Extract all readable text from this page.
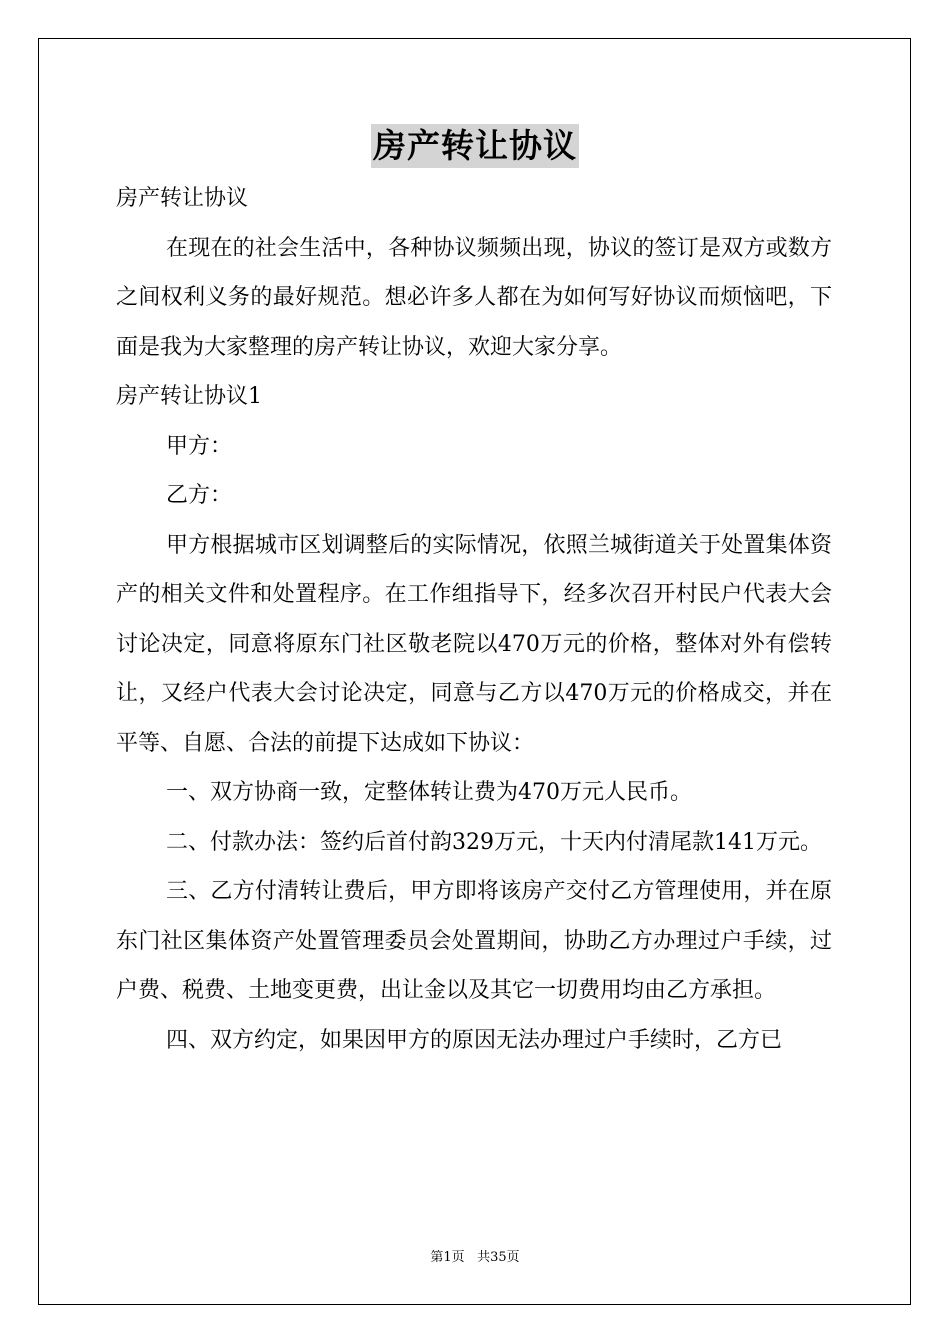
房产转让协议

房产转让协议

在现在的社会生活中，各种协议频频出现，协议的签订是双方或数方之间权利义务的最好规范。想必许多人都在为如何写好协议而烦恼吧，下面是我为大家整理的房产转让协议，欢迎大家分享。

房产转让协议1

甲方：

乙方：

甲方根据城市区划调整后的实际情况，依照兰城街道关于处置集体资产的相关文件和处置程序。在工作组指导下，经多次召开村民户代表大会讨论决定，同意将原东门社区敬老院以470万元的价格，整体对外有偿转让，又经户代表大会讨论决定，同意与乙方以470万元的价格成交，并在平等、自愿、合法的前提下达成如下协议：

一、双方协商一致，定整体转让费为470万元人民币。

二、付款办法：签约后首付韵329万元，十天内付清尾款141万元。

三、乙方付清转让费后，甲方即将该房产交付乙方管理使用，并在原东门社区集体资产处置管理委员会处置期间，协助乙方办理过户手续，过户费、税费、土地变更费，出让金以及其它一切费用均由乙方承担。

四、双方约定，如果因甲方的原因无法办理过户手续时，乙方已

第1页 共35页
